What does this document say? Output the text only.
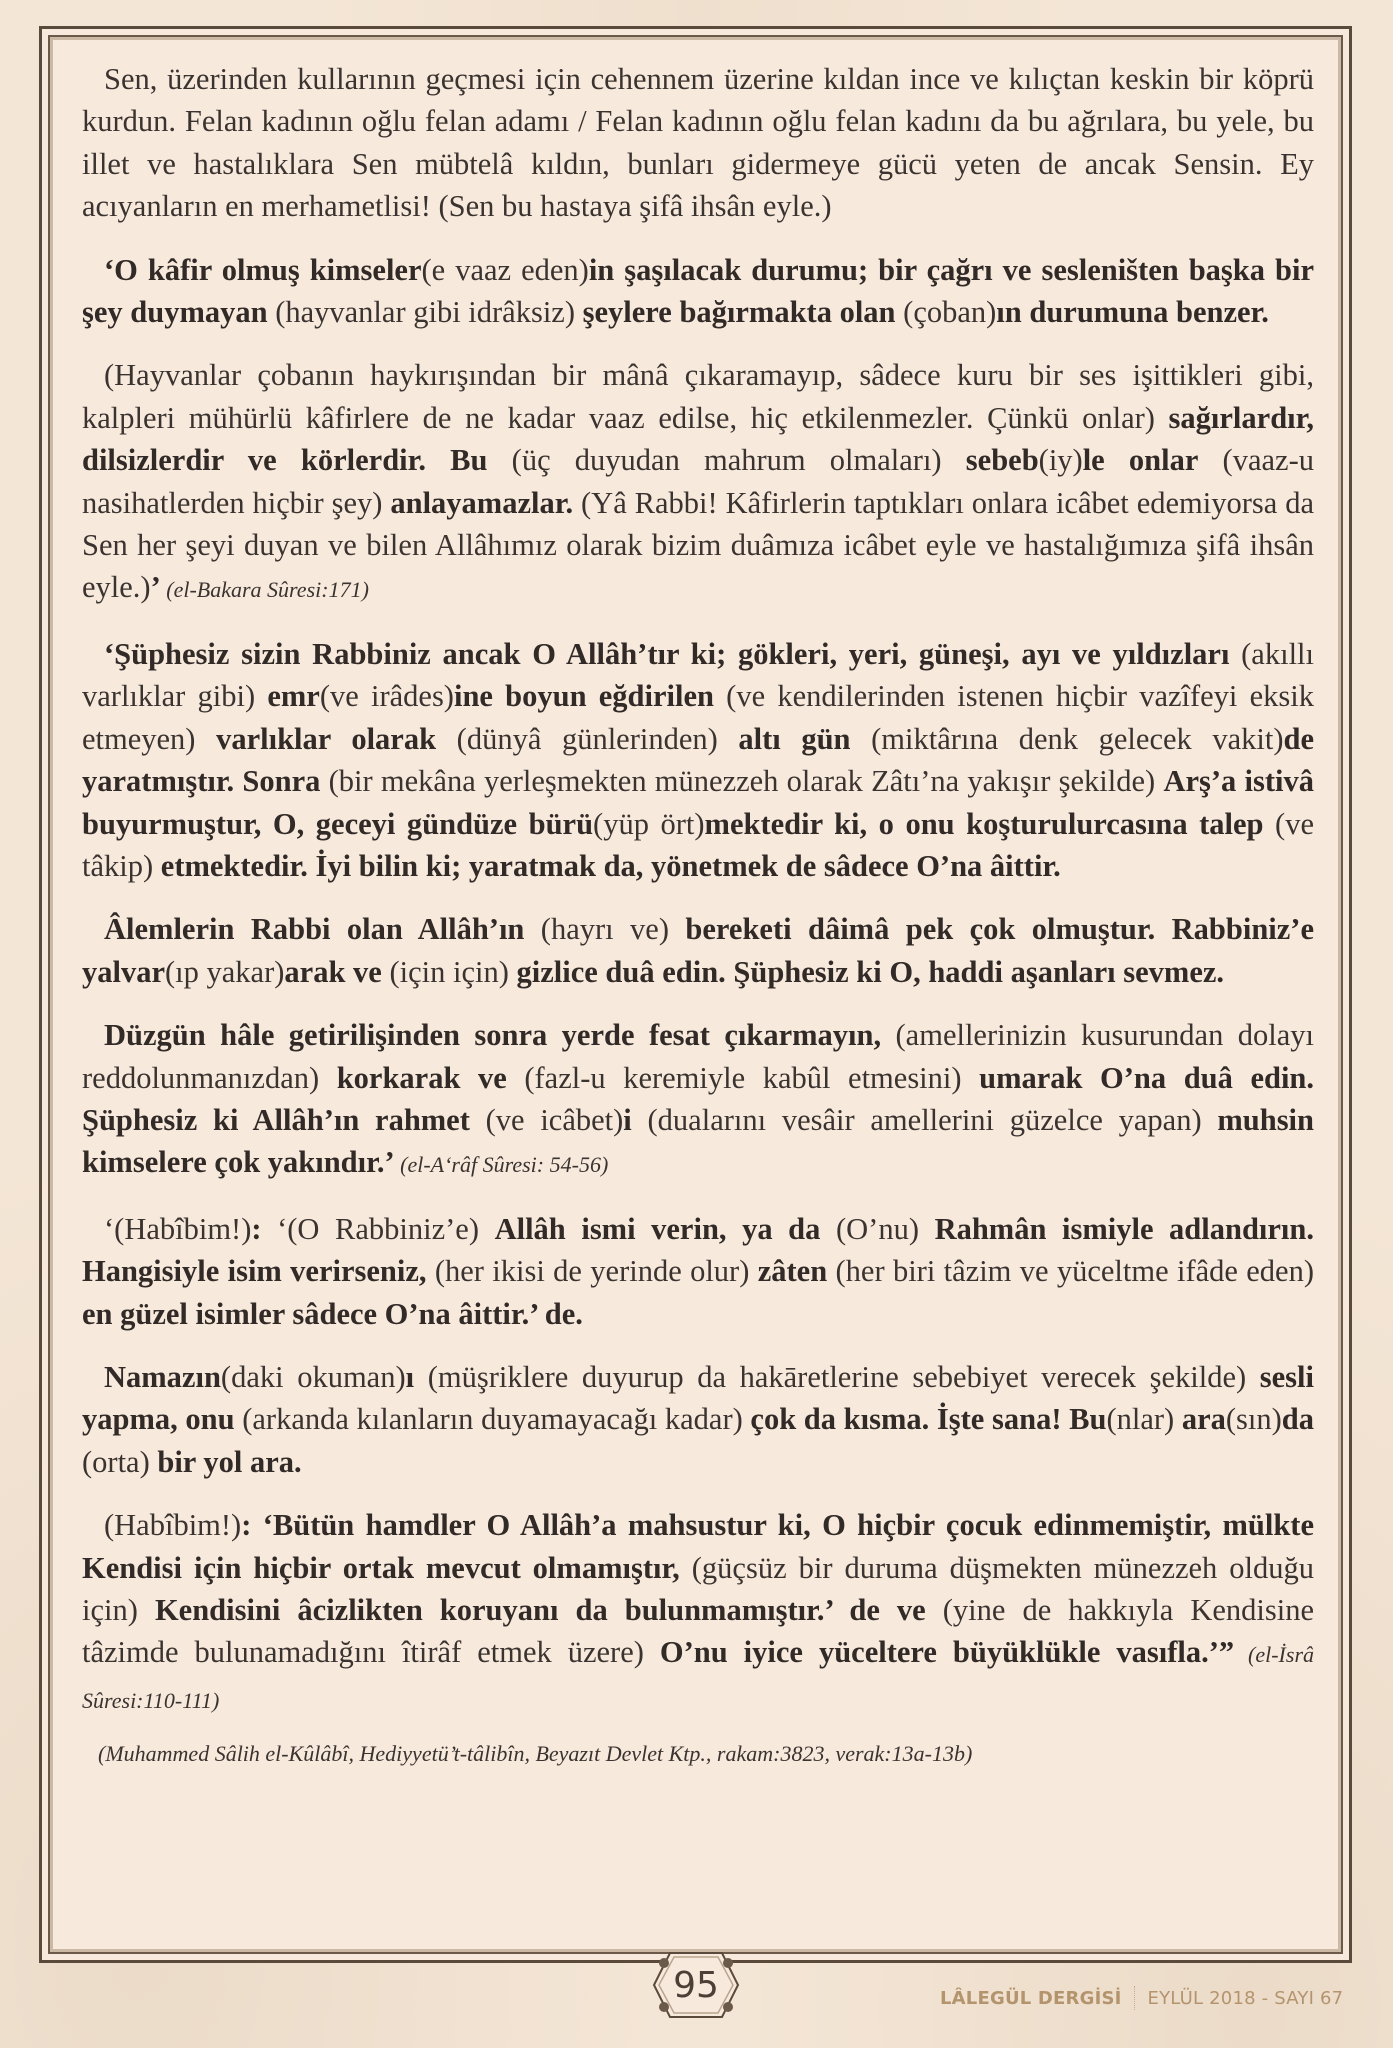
Sen, üzerinden kullarının geçmesi için cehennem üzerine kıldan ince ve kılıçtan keskin bir köprü kurdun. Felan kadının oğlu felan adamı / Felan kadının oğlu felan kadını da bu ağrılara, bu yele, bu illet ve hastalıklara Sen mübtelâ kıldın, bunları gidermeye gücü yeten de ancak Sensin. Ey acıyanların en merhametlisi! (Sen bu hastaya şifâ ihsân eyle.)

‘O kâfir olmuş kimseler(e vaaz eden)in şaşılacak durumu; bir çağrı ve sesleništen başka bir şey duymayan (hayvanlar gibi idrâksiz) şeylere bağırmakta olan (çoban)ın durumuna benzer.

(Hayvanlar çobanın haykırışından bir mânâ çıkaramayıp, sâdece kuru bir ses işittikleri gibi, kalpleri mühürlü kâfirlere de ne kadar vaaz edilse, hiç etkilenmezler. Çünkü onlar) sağırlardır, dilsizlerdir ve körlerdir. Bu (üç duyudan mahrum olmaları) sebeb(iy)le onlar (vaaz-u nasihatlerden hiçbir şey) anlayamazlar. (Yâ Rabbi! Kâfirlerin taptıkları onlara icâbet edemiyorsa da Sen her şeyi duyan ve bilen Allâhımız olarak bizim duâmıza icâbet eyle ve hastalığımıza şifâ ihsân eyle.)’ (el-Bakara Sûresi:171)

‘Şüphesiz sizin Rabbiniz ancak O Allâh’tır ki; gökleri, yeri, güneşi, ayı ve yıldızları (akıllı varlıklar gibi) emr(ve irâdes)ine boyun eğdirilen (ve kendilerinden istenen hiçbir vazîfeyi eksik etmeyen) varlıklar olarak (dünyâ günlerinden) altı gün (miktârına denk gelecek vakit)de yaratmıştır. Sonra (bir mekâna yerleşmekten münezzeh olarak Zâtı’na yakışır şekilde) Arş’a istivâ buyurmuştur, O, geceyi gündüze bürü(yüp ört)mektedir ki, o onu koşturulurcasına talep (ve tâkip) etmektedir. İyi bilin ki; yaratmak da, yönetmek de sâdece O’na âittir.

Âlemlerin Rabbi olan Allâh’ın (hayrı ve) bereketi dâimâ pek çok olmuştur. Rabbiniz’e yalvar(ıp yakar)arak ve (için için) gizlice duâ edin. Şüphesiz ki O, haddi aşanları sevmez.

Düzgün hâle getirilişinden sonra yerde fesat çıkarmayın, (amellerinizin kusurundan dolayı reddolunmanızdan) korkarak ve (fazl-u keremiyle kabûl etmesini) umarak O’na duâ edin. Şüphesiz ki Allâh’ın rahmet (ve icâbet)i (dualarını vesâir amellerini güzelce yapan) muhsin kimselere çok yakındır.’ (el-A‘râf Sûresi: 54-56)

‘(Habîbim!): ‘(O Rabbiniz’e) Allâh ismi verin, ya da (O’nu) Rahmân ismiyle adlandırın. Hangisiyle isim verirseniz, (her ikisi de yerinde olur) zâten (her biri tâzim ve yüceltme ifâde eden) en güzel isimler sâdece O’na âittir.’ de.

Namazın(daki okuman)ı (müşriklere duyurup da hakāretlerine sebebiyet verecek şekilde) sesli yapma, onu (arkanda kılanların duyamayacağı kadar) çok da kısma. İşte sana! Bu(nlar) ara(sın)da (orta) bir yol ara.

(Habîbim!): ‘Bütün hamdler O Allâh’a mahsustur ki, O hiçbir çocuk edinmemiştir, mülkte Kendisi için hiçbir ortak mevcut olmamıştır, (güçsüz bir duruma düşmekten münezzeh olduğu için) Kendisini âcizlikten koruyanı da bulunmamıştır.’ de ve (yine de hakkıyla Kendisine tâzimde bulunamadığını îtirâf etmek üzere) O’nu iyice yüceltere büyüklükle vasıfla.’” (el-İsrâ Sûresi:110-111)

(Muhammed Sâlih el-Kûlâbî, Hediyyetü’t-tâlibîn, Beyazıt Devlet Ktp., rakam:3823, verak:13a-13b)

95	LÂLEGÜL DERGİSİ EYLÜL 2018 - SAYI 67
